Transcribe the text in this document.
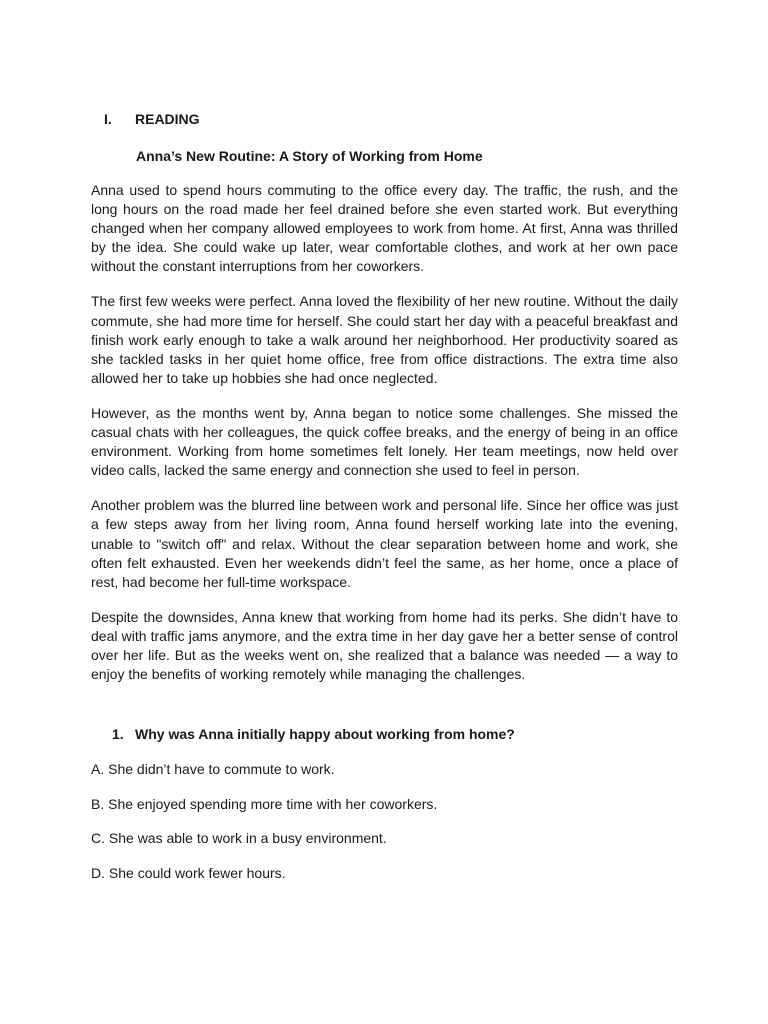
I. READING
Anna’s New Routine: A Story of Working from Home

Anna used to spend hours commuting to the office every day. The traffic, the rush, and the long hours on the road made her feel drained before she even started work. But everything changed when her company allowed employees to work from home. At first, Anna was thrilled by the idea. She could wake up later, wear comfortable clothes, and work at her own pace without the constant interruptions from her coworkers.

The first few weeks were perfect. Anna loved the flexibility of her new routine. Without the daily commute, she had more time for herself. She could start her day with a peaceful breakfast and finish work early enough to take a walk around her neighborhood. Her productivity soared as she tackled tasks in her quiet home office, free from office distractions. The extra time also allowed her to take up hobbies she had once neglected.

However, as the months went by, Anna began to notice some challenges. She missed the casual chats with her colleagues, the quick coffee breaks, and the energy of being in an office environment. Working from home sometimes felt lonely. Her team meetings, now held over video calls, lacked the same energy and connection she used to feel in person.

Another problem was the blurred line between work and personal life. Since her office was just a few steps away from her living room, Anna found herself working late into the evening, unable to "switch off" and relax. Without the clear separation between home and work, she often felt exhausted. Even her weekends didn’t feel the same, as her home, once a place of rest, had become her full-time workspace.

Despite the downsides, Anna knew that working from home had its perks. She didn’t have to deal with traffic jams anymore, and the extra time in her day gave her a better sense of control over her life. But as the weeks went on, she realized that a balance was needed — a way to enjoy the benefits of working remotely while managing the challenges.

1. Why was Anna initially happy about working from home?
A. She didn’t have to commute to work.
B. She enjoyed spending more time with her coworkers.
C. She was able to work in a busy environment.
D. She could work fewer hours.
